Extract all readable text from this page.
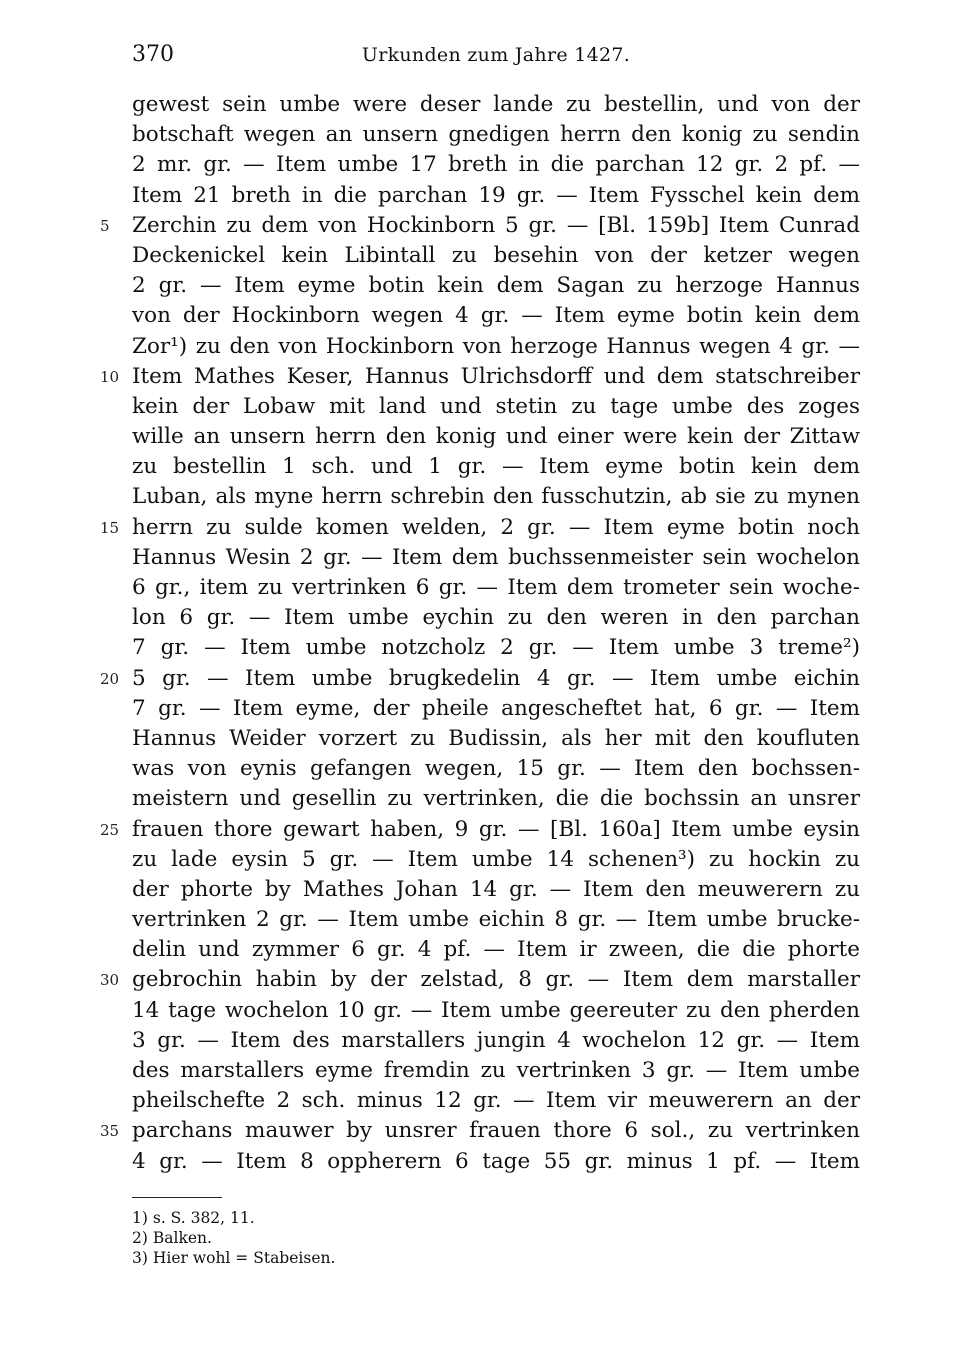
370	Urkunden zum Jahre 1427.
gewest sein umbe were deser lande zu bestellin, und von der
botschaft wegen an unsern gnedigen herrn den konig zu sendin
2 mr. gr. — Item umbe 17 breth in die parchan 12 gr. 2 pf. —
Item 21 breth in die parchan 19 gr. — Item Fysschel kein dem
5	Zerchin zu dem von Hockinborn 5 gr. — [Bl. 159b] Item Cunrad
Deckenickel kein Libintall zu besehin von der ketzer wegen
2 gr. — Item eyme botin kein dem Sagan zu herzoge Hannus
von der Hockinborn wegen 4 gr. — Item eyme botin kein dem
Zor¹) zu den von Hockinborn von herzoge Hannus wegen 4 gr. —
10 Item Mathes Keser, Hannus Ulrichsdorff und dem statschreiber
kein der Lobaw mit land und stetin zu tage umbe des zoges
wille an unsern herrn den konig und einer were kein der Zittaw
zu bestellin 1 sch. und 1 gr. — Item eyme botin kein dem
Luban, als myne herrn schrebin den fusschutzin, ab sie zu mynen
15 herrn zu sulde komen welden, 2 gr. — Item eyme botin noch
Hannus Wesin 2 gr. — Item dem buchssenmeister sein wochelon
6 gr., item zu vertrinken 6 gr. — Item dem trometer sein woche-
lon 6 gr. — Item umbe eychin zu den weren in den parchan
7 gr. — Item umbe notzcholz 2 gr. — Item umbe 3 treme²)
20 5 gr. — Item umbe brugkedelin 4 gr. — Item umbe eichin
7 gr. — Item eyme, der pheile angescheftet hat, 6 gr. — Item
Hannus Weider vorzert zu Budissin, als her mit den koufluten
was von eynis gefangen wegen, 15 gr. — Item den bochssen-
meistern und gesellin zu vertrinken, die die bochssin an unsrer
25 frauen thore gewart haben, 9 gr. — [Bl. 160a] Item umbe eysin
zu lade eysin 5 gr. — Item umbe 14 schenen³) zu hockin zu
der phorte by Mathes Johan 14 gr. — Item den meuwerern zu
vertrinken 2 gr. — Item umbe eichin 8 gr. — Item umbe brucke-
delin und zymmer 6 gr. 4 pf. — Item ir zween, die die phorte
30 gebrochin habin by der zelstad, 8 gr. — Item dem marstaller
14 tage wochelon 10 gr. — Item umbe geereuter zu den pherden
3 gr. — Item des marstallers jungin 4 wochelon 12 gr. — Item
des marstallers eyme fremdin zu vertrinken 3 gr. — Item umbe
pheilschefte 2 sch. minus 12 gr. — Item vir meuwerern an der
35 parchans mauwer by unsrer frauen thore 6 sol., zu vertrinken
4 gr. — Item 8 oppherern 6 tage 55 gr. minus 1 pf. — Item
1) s. S. 382, 11.
2) Balken.
3) Hier wohl = Stabeisen.
